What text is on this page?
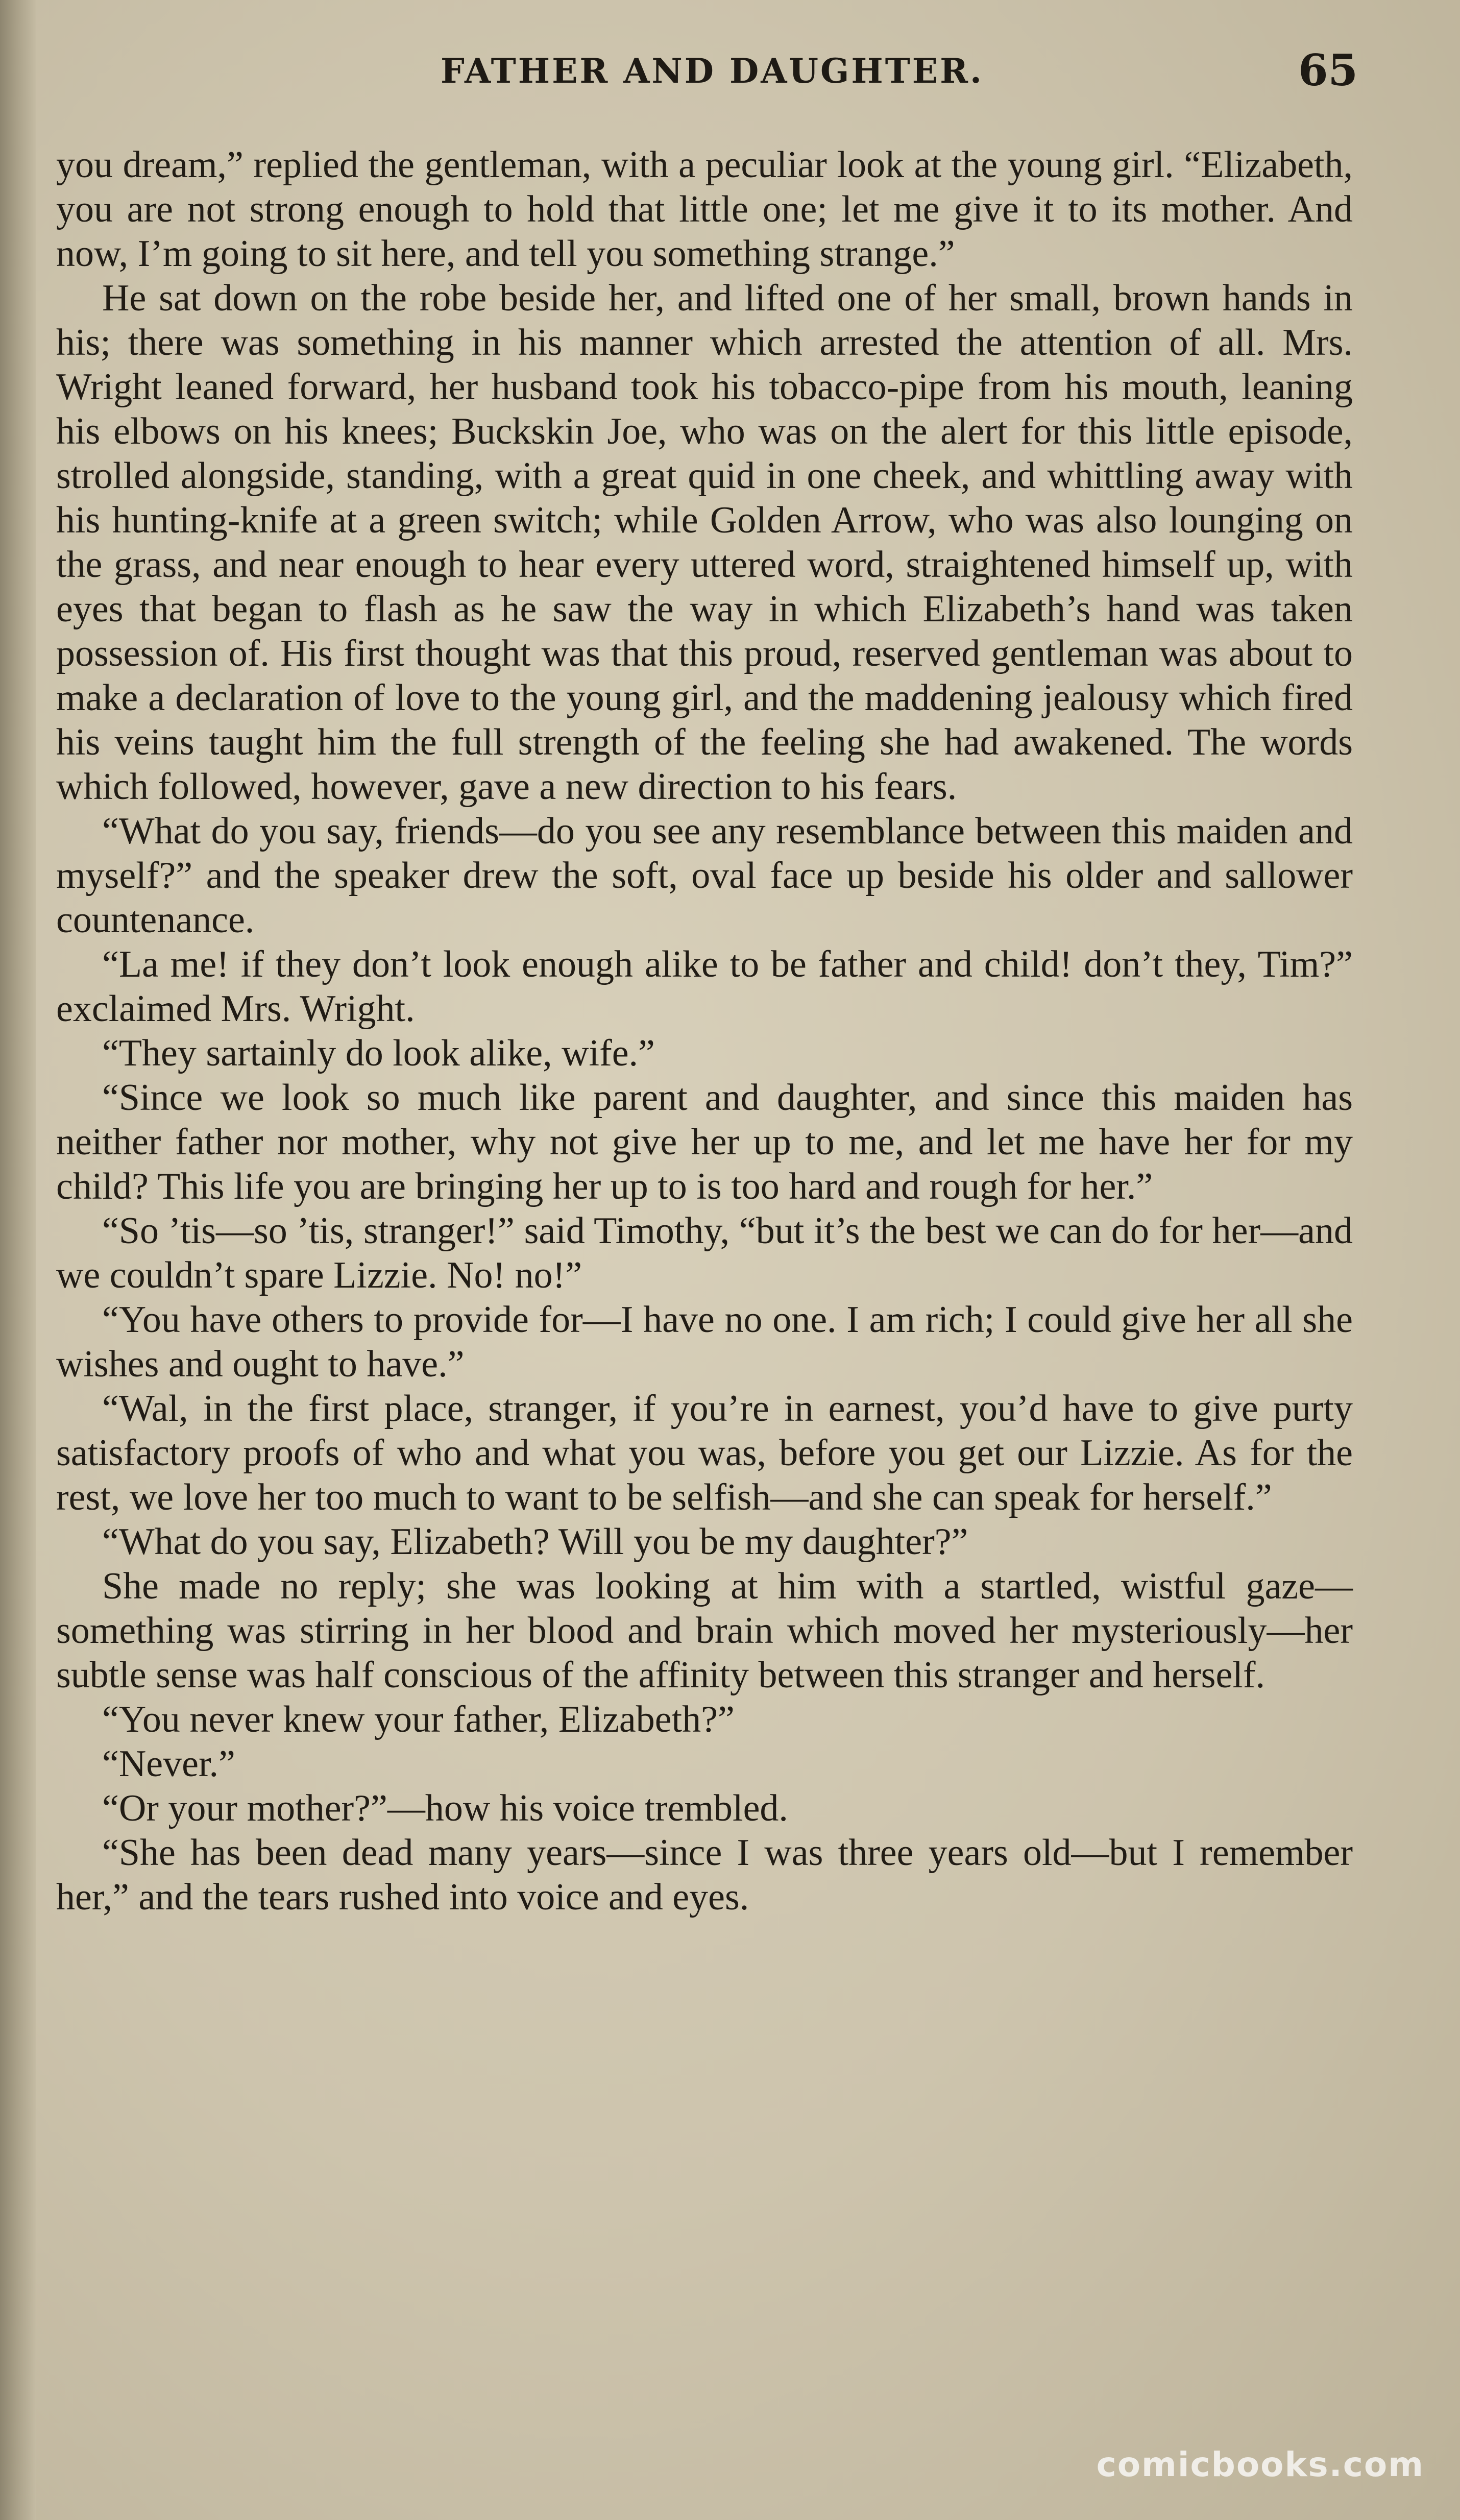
FATHER AND DAUGHTER.	65

you dream,” replied the gentleman, with a peculiar look at the young girl. “Elizabeth, you are not strong enough to hold that little one; let me give it to its mother. And now, I’m going to sit here, and tell you something strange.”

He sat down on the robe beside her, and lifted one of her small, brown hands in his; there was something in his manner which arrested the attention of all. Mrs. Wright leaned forward, her husband took his tobacco-pipe from his mouth, leaning his elbows on his knees; Buckskin Joe, who was on the alert for this little episode, strolled alongside, standing, with a great quid in one cheek, and whittling away with his hunting-knife at a green switch; while Golden Arrow, who was also lounging on the grass, and near enough to hear every uttered word, straightened himself up, with eyes that began to flash as he saw the way in which Elizabeth’s hand was taken possession of. His first thought was that this proud, reserved gentleman was about to make a declaration of love to the young girl, and the maddening jealousy which fired his veins taught him the full strength of the feeling she had awakened. The words which followed, however, gave a new direction to his fears.

“What do you say, friends—do you see any resemblance between this maiden and myself?” and the speaker drew the soft, oval face up beside his older and sallower countenance.

“La me! if they don’t look enough alike to be father and child! don’t they, Tim?” exclaimed Mrs. Wright.

“They sartainly do look alike, wife.”

“Since we look so much like parent and daughter, and since this maiden has neither father nor mother, why not give her up to me, and let me have her for my child? This life you are bringing her up to is too hard and rough for her.”

“So ’tis—so ’tis, stranger!” said Timothy, “but it’s the best we can do for her—and we couldn’t spare Lizzie. No! no!”

“You have others to provide for—I have no one. I am rich; I could give her all she wishes and ought to have.”

“Wal, in the first place, stranger, if you’re in earnest, you’d have to give purty satisfactory proofs of who and what you was, before you get our Lizzie. As for the rest, we love her too much to want to be selfish—and she can speak for herself.”

“What do you say, Elizabeth? Will you be my daughter?”

She made no reply; she was looking at him with a startled, wistful gaze—something was stirring in her blood and brain which moved her mysteriously—her subtle sense was half conscious of the affinity between this stranger and herself.

“You never knew your father, Elizabeth?”

“Never.”

“Or your mother?”—how his voice trembled.

“She has been dead many years—since I was three years old—but I remember her,” and the tears rushed into voice and eyes.

comicbooks.com
